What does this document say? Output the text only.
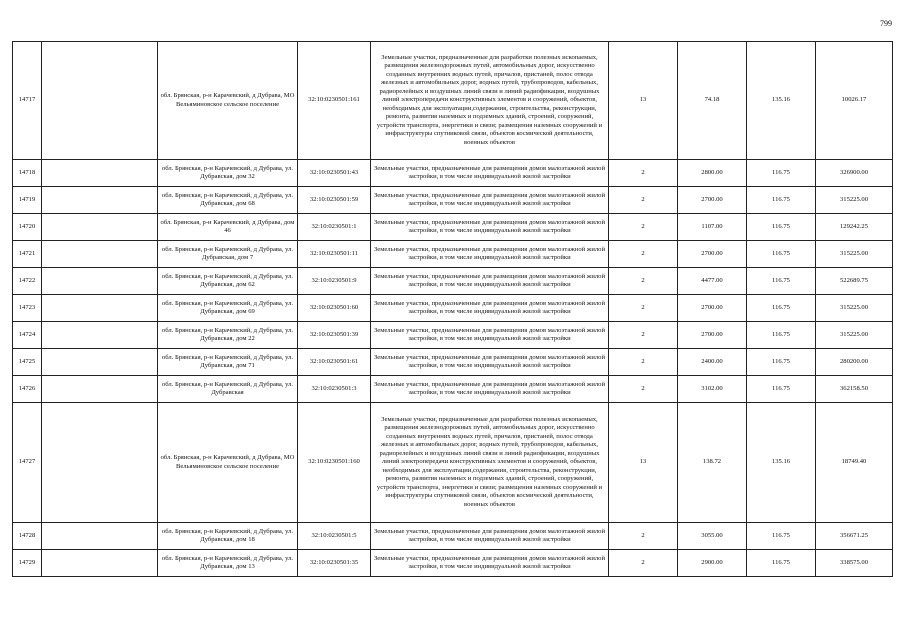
799
14717		обл. Брянская, р-н Карачевский, д Дубрава, МО Вельяминовское сельское поселение	32:10:0230501:161	Земельные участки, предназначенные для разработки полезных ископаемых, размещения железнодорожных путей, автомобильных дорог, искусственно созданных внутренних водных путей, причалов, пристаней, полос отвода железных и автомобильных дорог, водных путей, трубопроводов, кабельных, радиорелейных и воздушных линий связи и линий радиофикации, воздушных линий электропередачи конструктивных элементов и сооружений, объектов, необходимых для эксплуатации,содержания, строительства, реконструкции, ремонта, развития наземных и подземных зданий, строений, сооружений, устройств транспорта, энергетики и связи; размещения наземных сооружений и инфраструктуры спутниковой связи, объектов космической деятельности, военных объектов	13	74.18	135.16	10026.17
14718		обл. Брянская, р-н Карачевский, д Дубрава, ул. Дубравская, дом 32	32:10:0230501:43	Земельные участки, предназначенные для размещения домов малоэтажной жилой застройки, в том числе индивидуальной жилой застройки	2	2800.00	116.75	326900.00
14719		обл. Брянская, р-н Карачевский, д Дубрава, ул. Дубравская, дом 68	32:10:0230501:59	Земельные участки, предназначенные для размещения домов малоэтажной жилой застройки, в том числе индивидуальной жилой застройки	2	2700.00	116.75	315225.00
14720		обл. Брянская, р-н Карачевский, д Дубрава, дом 46	32:10:0230501:1	Земельные участки, предназначенные для размещения домов малоэтажной жилой застройки, в том числе индивидуальной жилой застройки	2	1107.00	116.75	129242.25
14721		обл. Брянская, р-н Карачевский, д Дубрава, ул. Дубравская, дом 7	32:10:0230501:11	Земельные участки, предназначенные для размещения домов малоэтажной жилой застройки, в том числе индивидуальной жилой застройки	2	2700.00	116.75	315225.00
14722		обл. Брянская, р-н Карачевский, д Дубрава, ул. Дубравская, дом 62	32:10:0230501:9	Земельные участки, предназначенные для размещения домов малоэтажной жилой застройки, в том числе индивидуальной жилой застройки	2	4477.00	116.75	522689.75
14723		обл. Брянская, р-н Карачевский, д Дубрава, ул. Дубравская, дом 69	32:10:0230501:60	Земельные участки, предназначенные для размещения домов малоэтажной жилой застройки, в том числе индивидуальной жилой застройки	2	2700.00	116.75	315225.00
14724		обл. Брянская, р-н Карачевский, д Дубрава, ул. Дубравская, дом 22	32:10:0230501:39	Земельные участки, предназначенные для размещения домов малоэтажной жилой застройки, в том числе индивидуальной жилой застройки	2	2700.00	116.75	315225.00
14725		обл. Брянская, р-н Карачевский, д Дубрава, ул. Дубравская, дом 71	32:10:0230501:61	Земельные участки, предназначенные для размещения домов малоэтажной жилой застройки, в том числе индивидуальной жилой застройки	2	2400.00	116.75	280200.00
14726		обл. Брянская, р-н Карачевский, д Дубрава, ул. Дубравская	32:10:0230501:3	Земельные участки, предназначенные для размещения домов малоэтажной жилой застройки, в том числе индивидуальной жилой застройки	2	3102.00	116.75	362158.50
14727		обл. Брянская, р-н Карачевский, д Дубрава, МО Вельяминовское сельское поселение	32:10:0230501:160	Земельные участки, предназначенные для разработки полезных ископаемых, размещения железнодорожных путей, автомобильных дорог, искусственно созданных внутренних водных путей, причалов, пристаней, полос отвода железных и автомобильных дорог, водных путей, трубопроводов, кабельных, радиорелейных и воздушных линий связи и линий радиофикации, воздушных линий электропередачи конструктивных элементов и сооружений, объектов, необходимых для эксплуатации,содержания, строительства, реконструкции, ремонта, развития наземных и подземных зданий, строений, сооружений, устройств транспорта, энергетики и связи; размещения наземных сооружений и инфраструктуры спутниковой связи, объектов космической деятельности, военных объектов	13	138.72	135.16	18749.40
14728		обл. Брянская, р-н Карачевский, д Дубрава, ул. Дубравская, дом 18	32:10:0230501:5	Земельные участки, предназначенные для размещения домов малоэтажной жилой застройки, в том числе индивидуальной жилой застройки	2	3055.00	116.75	356671.25
14729		обл. Брянская, р-н Карачевский, д Дубрава, ул. Дубравская, дом 13	32:10:0230501:35	Земельные участки, предназначенные для размещения домов малоэтажной жилой застройки, в том числе индивидуальной жилой застройки	2	2900.00	116.75	338575.00
